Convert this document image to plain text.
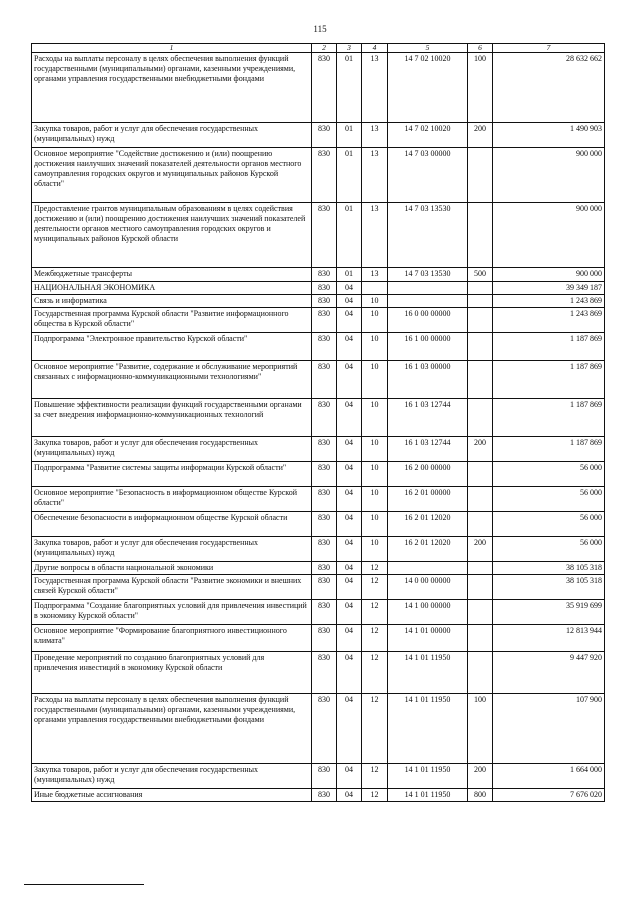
115
1	2	3	4	5	6	7
Расходы на выплаты персоналу в целях обеспечения выполнения функций государственными (муниципальными) органами, казенными учреждениями, органами управления государственными внебюджетными фондами	830	01	13	14 7 02 10020	100	28 632 662
Закупка товаров, работ и услуг для обеспечения государственных (муниципальных) нужд	830	01	13	14 7 02 10020	200	1 490 903
Основное мероприятие "Содействие достижению и (или) поощрению достижения наилучших значений показателей деятельности органов местного самоуправления городских округов и муниципальных районов Курской области"	830	01	13	14 7 03 00000		900 000
Предоставление грантов муниципальным образованиям в целях содействия достижению и (или) поощрению достижения наилучших значений показателей деятельности органов местного самоуправления городских округов и муниципальных районов Курской области	830	01	13	14 7 03 13530		900 000
Межбюджетные трансферты	830	01	13	14 7 03 13530	500	900 000
НАЦИОНАЛЬНАЯ ЭКОНОМИКА	830	04				39 349 187
Связь и информатика	830	04	10			1 243 869
Государственная программа Курской области "Развитие информационного общества в Курской области"	830	04	10	16 0 00 00000		1 243 869
Подпрограмма "Электронное правительство Курской области"	830	04	10	16 1 00 00000		1 187 869
Основное мероприятие "Развитие, содержание и обслуживание мероприятий связанных с информационно-коммуникационными технологиями"	830	04	10	16 1 03 00000		1 187 869
Повышение эффективности реализации функций государственными органами за счет внедрения информационно-коммуникационных технологий	830	04	10	16 1 03 12744		1 187 869
Закупка товаров, работ и услуг для обеспечения государственных (муниципальных) нужд	830	04	10	16 1 03 12744	200	1 187 869
Подпрограмма "Развитие системы защиты информации Курской области"	830	04	10	16 2 00 00000		56 000
Основное мероприятие "Безопасность в информационном обществе Курской области"	830	04	10	16 2 01 00000		56 000
Обеспечение безопасности в информационном обществе Курской области	830	04	10	16 2 01 12020		56 000
Закупка товаров, работ и услуг для обеспечения государственных (муниципальных) нужд	830	04	10	16 2 01 12020	200	56 000
Другие вопросы в области национальной экономики	830	04	12			38 105 318
Государственная программа Курской области "Развитие экономики и внешних связей Курской области"	830	04	12	14 0 00 00000		38 105 318
Подпрограмма "Создание благоприятных условий для привлечения инвестиций в экономику Курской области"	830	04	12	14 1 00 00000		35 919 699
Основное мероприятие "Формирование благоприятного инвестиционного климата"	830	04	12	14 1 01 00000		12 813 944
Проведение мероприятий по созданию благоприятных условий для привлечения инвестиций в экономику Курской области	830	04	12	14 1 01 11950		9 447 920
Расходы на выплаты персоналу в целях обеспечения выполнения функций государственными (муниципальными) органами, казенными учреждениями, органами управления государственными внебюджетными фондами	830	04	12	14 1 01 11950	100	107 900
Закупка товаров, работ и услуг для обеспечения государственных (муниципальных) нужд	830	04	12	14 1 01 11950	200	1 664 000
Иные бюджетные ассигнования	830	04	12	14 1 01 11950	800	7 676 020
